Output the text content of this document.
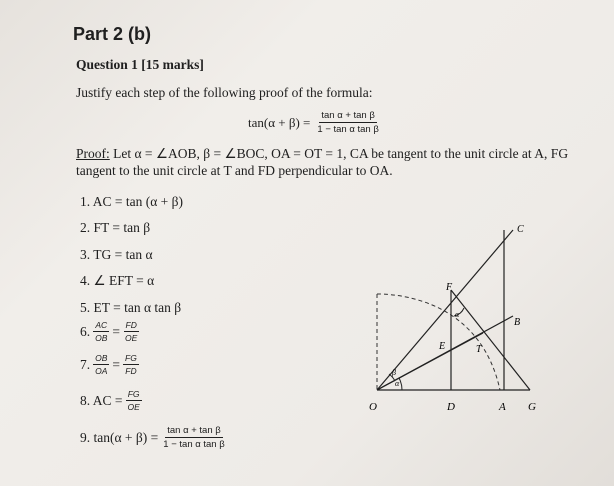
Part 2 (b)
Question 1 [15 marks]
Justify each step of the following proof of the formula:
$\tan(\alpha + \beta) = \frac{\text{tan α + tan β}}{\text{1 − tan α tan β}}$
Proof: Let α = ∠AOB, β = ∠BOC, OA = OT = 1, CA be tangent to the unit circle at A, FG tangent to the unit circle at T and FD perpendicular to OA.
1. AC = tan (α + β)
2. FT = tan β
3. TG = tan α
4. ∠ EFT = α
5. ET = tan α tan β
6. $\frac{AC}{OB} = \frac{FD}{OE}$
7. $\frac{OB}{OA} = \frac{FG}{FD}$
8. AC = $\frac{FG}{OE}$
9. $\tan(\alpha + \beta) = \frac{\text{tan α + tan β}}{\text{1 − tan α tan β}}$
O	D	A G
C
B
F
E	T
α
β
α
